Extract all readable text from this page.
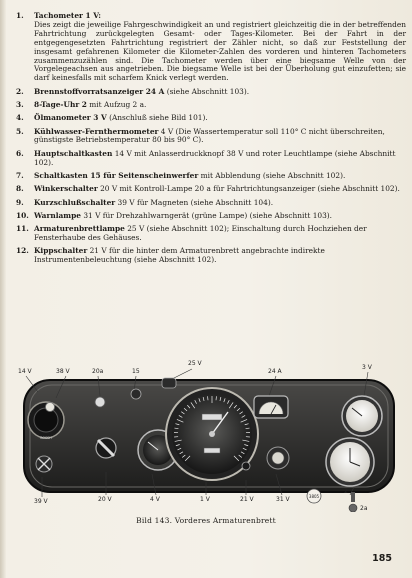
1. Tachometer 1 V:
Dies zeigt die jeweilige Fahrgeschwindigkeit an und registriert gleichzeitig die in der betreffenden Fahrtrichtung zurückgelegten Gesamt- oder Tages-Kilometer. Bei der Fahrt in der entgegengesetzten Fahrtrichtung registriert der Zähler nicht, so daß zur Feststellung der insgesamt gefahrenen Kilometer die Kilometer-Zahlen des vorderen und hinteren Tachometers zusammenzuzählen sind. Die Tachometer werden über eine biegsame Welle von der Vorgelegeachsen aus angetrieben. Die biegsame Welle ist bei der Überholung gut einzufetten; sie darf keinesfalls mit scharfem Knick verlegt werden.
2. Brennstoffvorratsanzeiger 24 A (siehe Abschnitt 103).
3. 8-Tage-Uhr 2 mit Aufzug 2 a.
4. Ölmanometer 3 V (Anschluß siehe Bild 101).
5. Kühlwasser-Fernthermometer 4 V (Die Wassertemperatur soll 110° C nicht überschreiten, günstigste Betriebstemperatur 80 bis 90° C).
6. Hauptschaltkasten 14 V mit Anlasserdruckknopf 38 V und roter Leuchtlampe (siehe Abschnitt 102).
7. Schaltkasten 15 für Seitenscheinwerfer mit Abblendung (siehe Abschnitt 102).
8. Winkerschalter 20 V mit Kontroll-Lampe 20 a für Fahrtrichtungsanzeiger (siehe Abschnitt 102).
9. Kurzschlußschalter 39 V für Magneten (siehe Abschnitt 104).
10. Warnlampe 31 V für Drehzahlwarngerät (grüne Lampe) (siehe Abschnitt 103).
11. Armaturenbrettlampe 25 V (siehe Abschnitt 102); Einschaltung durch Hochziehen der Fensterhaube des Gehäuses.
12. Kippschalter 21 V für die hinter dem Armaturenbrett angebrachte indirekte Instrumentenbeleuchtung (siehe Abschnitt 102).
BOSCH
3805
14 V	38 V	20a	15
25 V
24 A
3 V
39 V	20 V	4 V	1 V	21 V	31 V
2
2a
Bild 143. Vorderes Armaturenbrett
185
